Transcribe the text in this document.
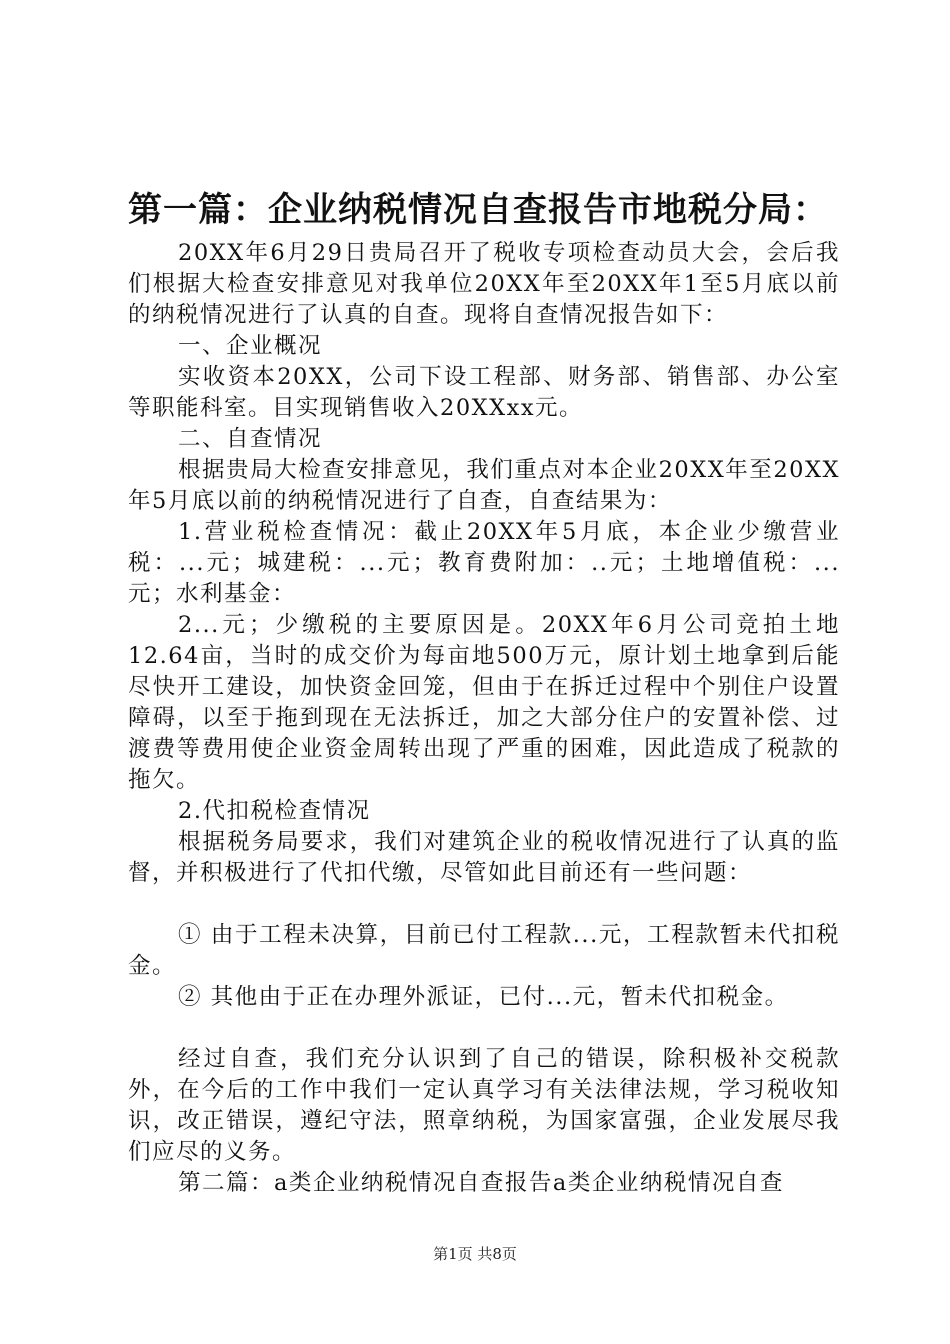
第一篇：企业纳税情况自查报告市地税分局：

20XX年6月29日贵局召开了税收专项检查动员大会，会后我们根据大检查安排意见对我单位20XX年至20XX年1至5月底以前的纳税情况进行了认真的自查。现将自查情况报告如下：

一、企业概况

实收资本20XX，公司下设工程部、财务部、销售部、办公室等职能科室。目实现销售收入20XXxx元。

二、自查情况

根据贵局大检查安排意见，我们重点对本企业20XX年至20XX年5月底以前的纳税情况进行了自查，自查结果为：

1.营业税检查情况：截止20XX年5月底，本企业少缴营业税：...元；城建税：...元；教育费附加：..元；土地增值税：...元；水利基金：

2...元；少缴税的主要原因是。20XX年6月公司竞拍土地12.64亩，当时的成交价为每亩地500万元，原计划土地拿到后能尽快开工建设，加快资金回笼，但由于在拆迁过程中个别住户设置障碍，以至于拖到现在无法拆迁，加之大部分住户的安置补偿、过渡费等费用使企业资金周转出现了严重的困难，因此造成了税款的拖欠。

2.代扣税检查情况

根据税务局要求，我们对建筑企业的税收情况进行了认真的监督，并积极进行了代扣代缴，尽管如此目前还有一些问题：

① 由于工程未决算，目前已付工程款...元，工程款暂未代扣税金。

② 其他由于正在办理外派证，已付...元，暂未代扣税金。

经过自查，我们充分认识到了自己的错误，除积极补交税款外，在今后的工作中我们一定认真学习有关法律法规，学习税收知识，改正错误，遵纪守法，照章纳税，为国家富强，企业发展尽我们应尽的义务。

第二篇：a类企业纳税情况自查报告a类企业纳税情况自查

第1页 共8页
